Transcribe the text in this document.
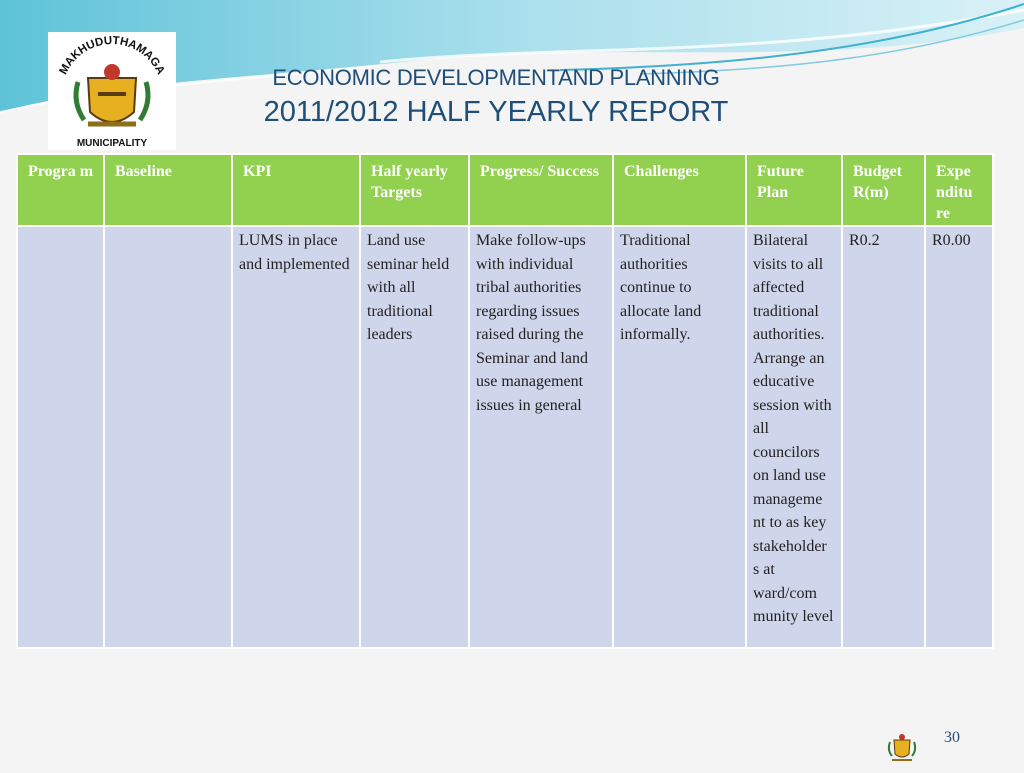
MAKHUDUTHAMAGA
MUNICIPALITY
ECONOMIC DEVELOPMENTAND PLANNING
2011/2012 HALF YEARLY REPORT
Progra m	Baseline	KPI	Half yearly Targets	Progress/ Success	Challenges	Future Plan	Budget R(m)	Expe nditu re
		LUMS in place and implemented	Land use seminar held with all traditional leaders	Make follow-ups with individual tribal authorities regarding issues raised during the Seminar and land use management issues in general	Traditional authorities continue to allocate land informally.	Bilateral visits to all affected traditional authorities. Arrange an educative session with all councilors on land use manageme nt to as key stakeholder s at ward/com munity level	R0.2	R0.00
30
